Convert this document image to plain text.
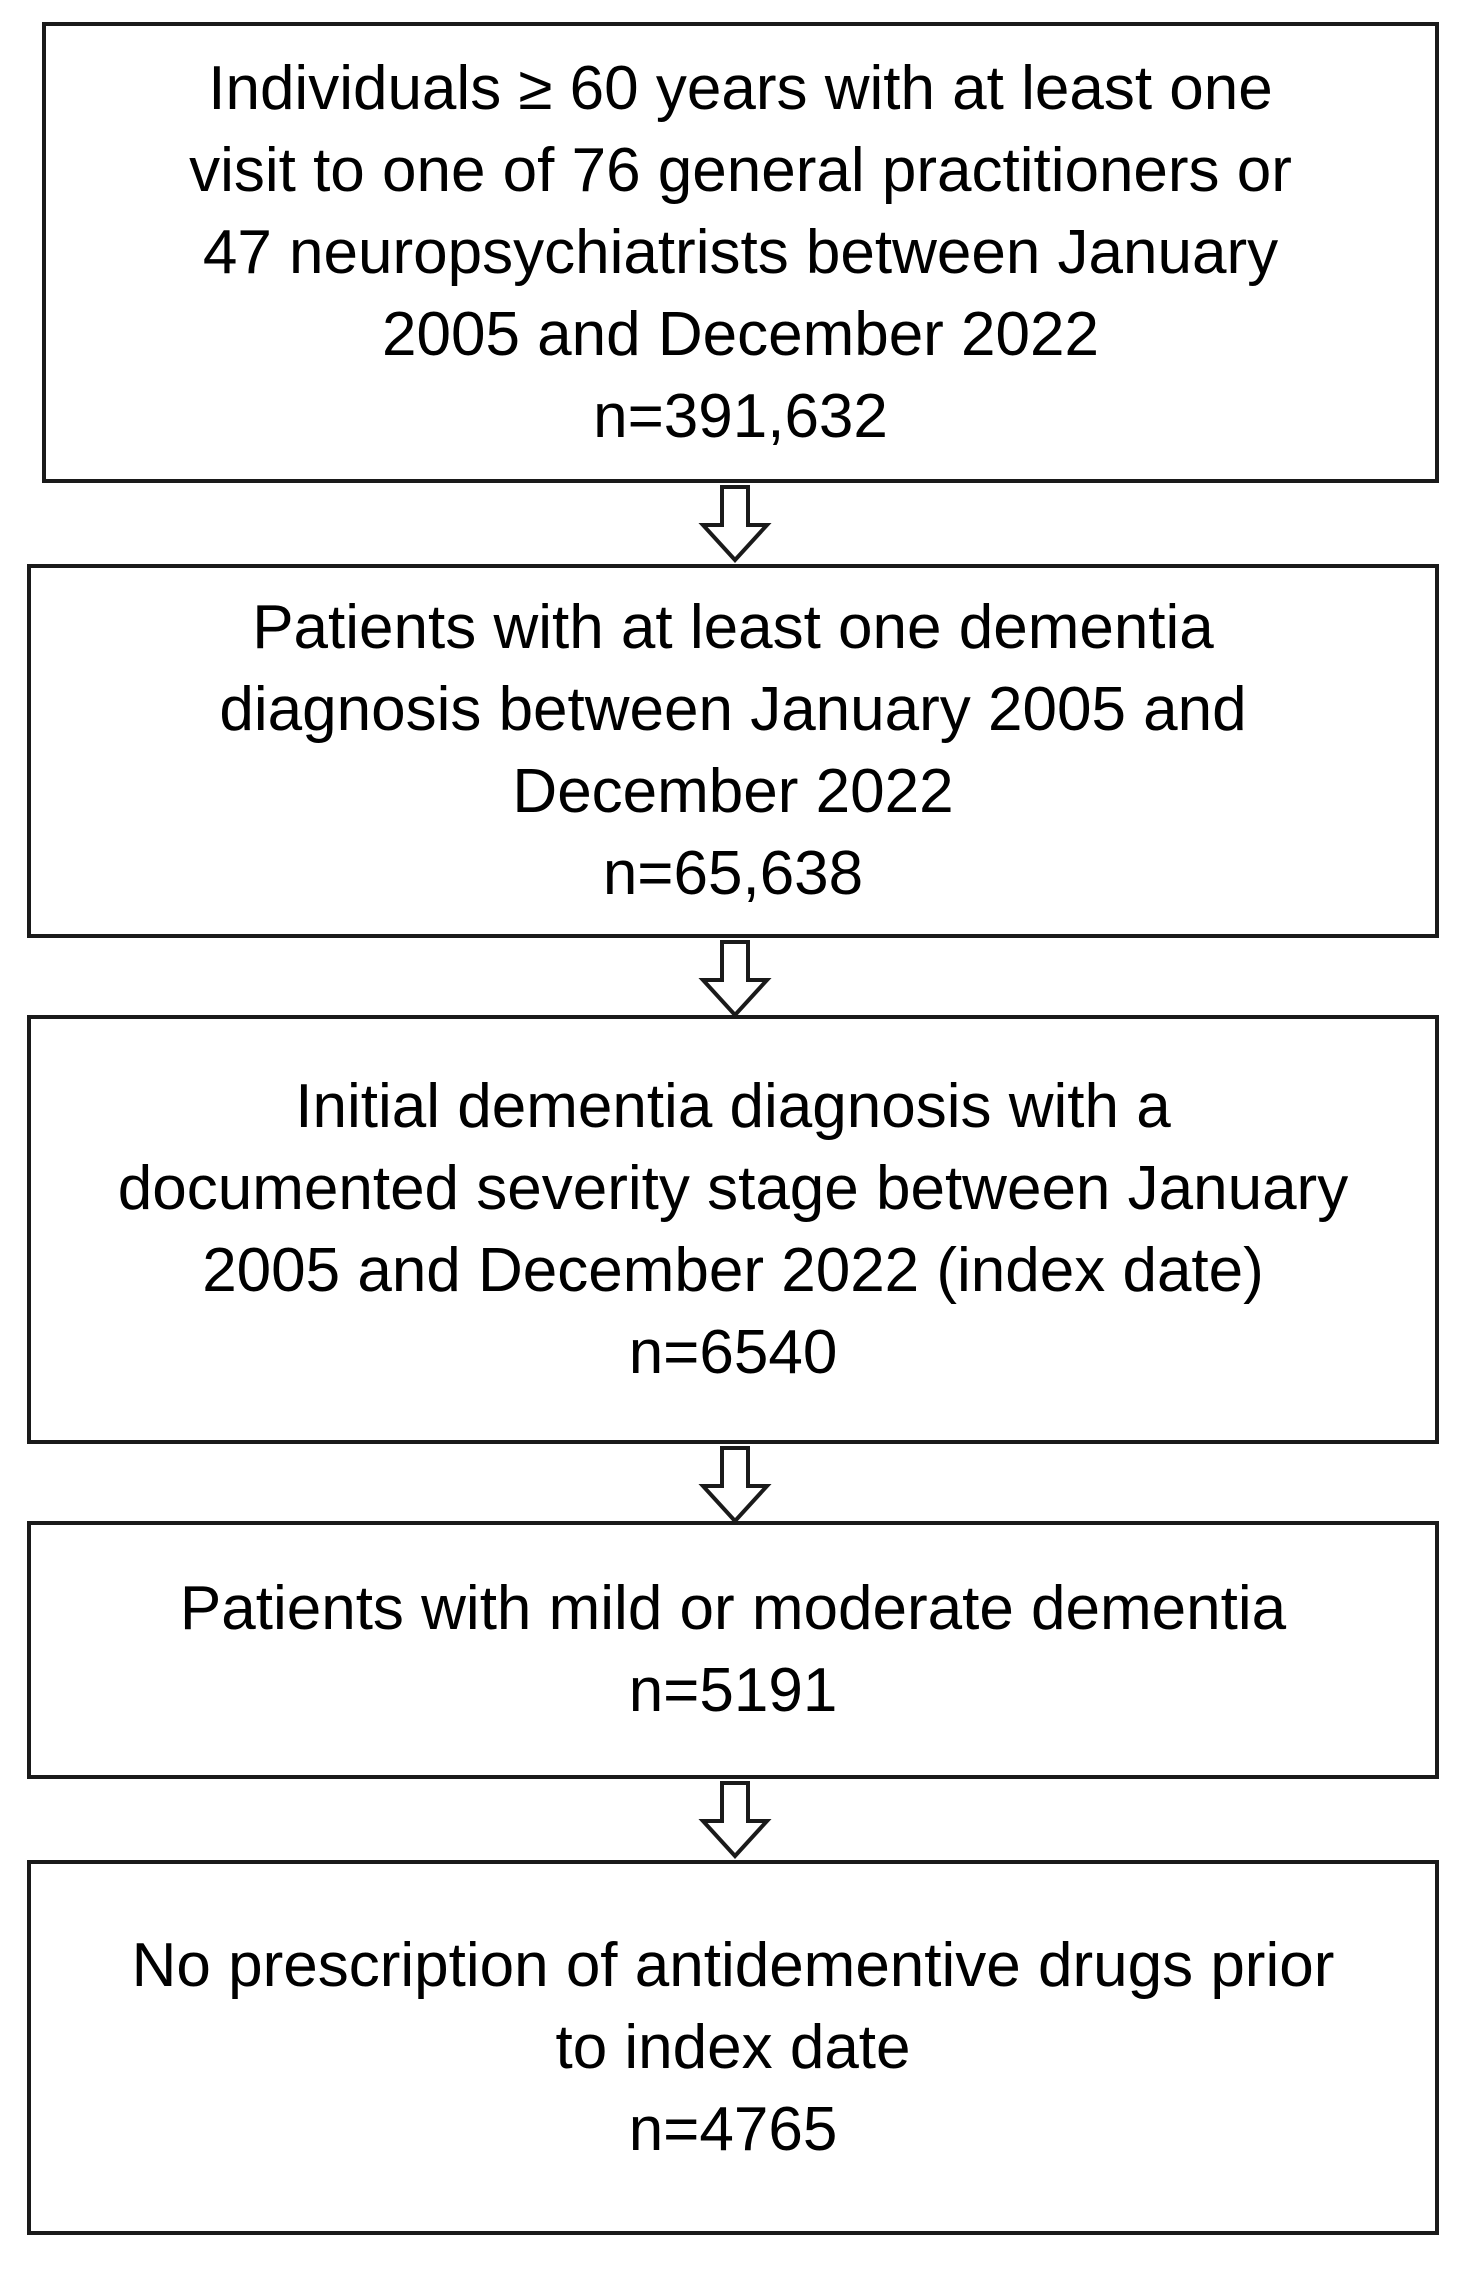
Individuals ≥ 60 years with at least one
visit to one of 76 general practitioners or
47 neuropsychiatrists between January
2005 and December 2022
n=391,632
Patients with at least one dementia
diagnosis between January 2005 and
December 2022
n=65,638
Initial dementia diagnosis with a
documented severity stage between January
2005 and December 2022 (index date)
n=6540
Patients with mild or moderate dementia
n=5191
No prescription of antidementive drugs prior
to index date
n=4765
